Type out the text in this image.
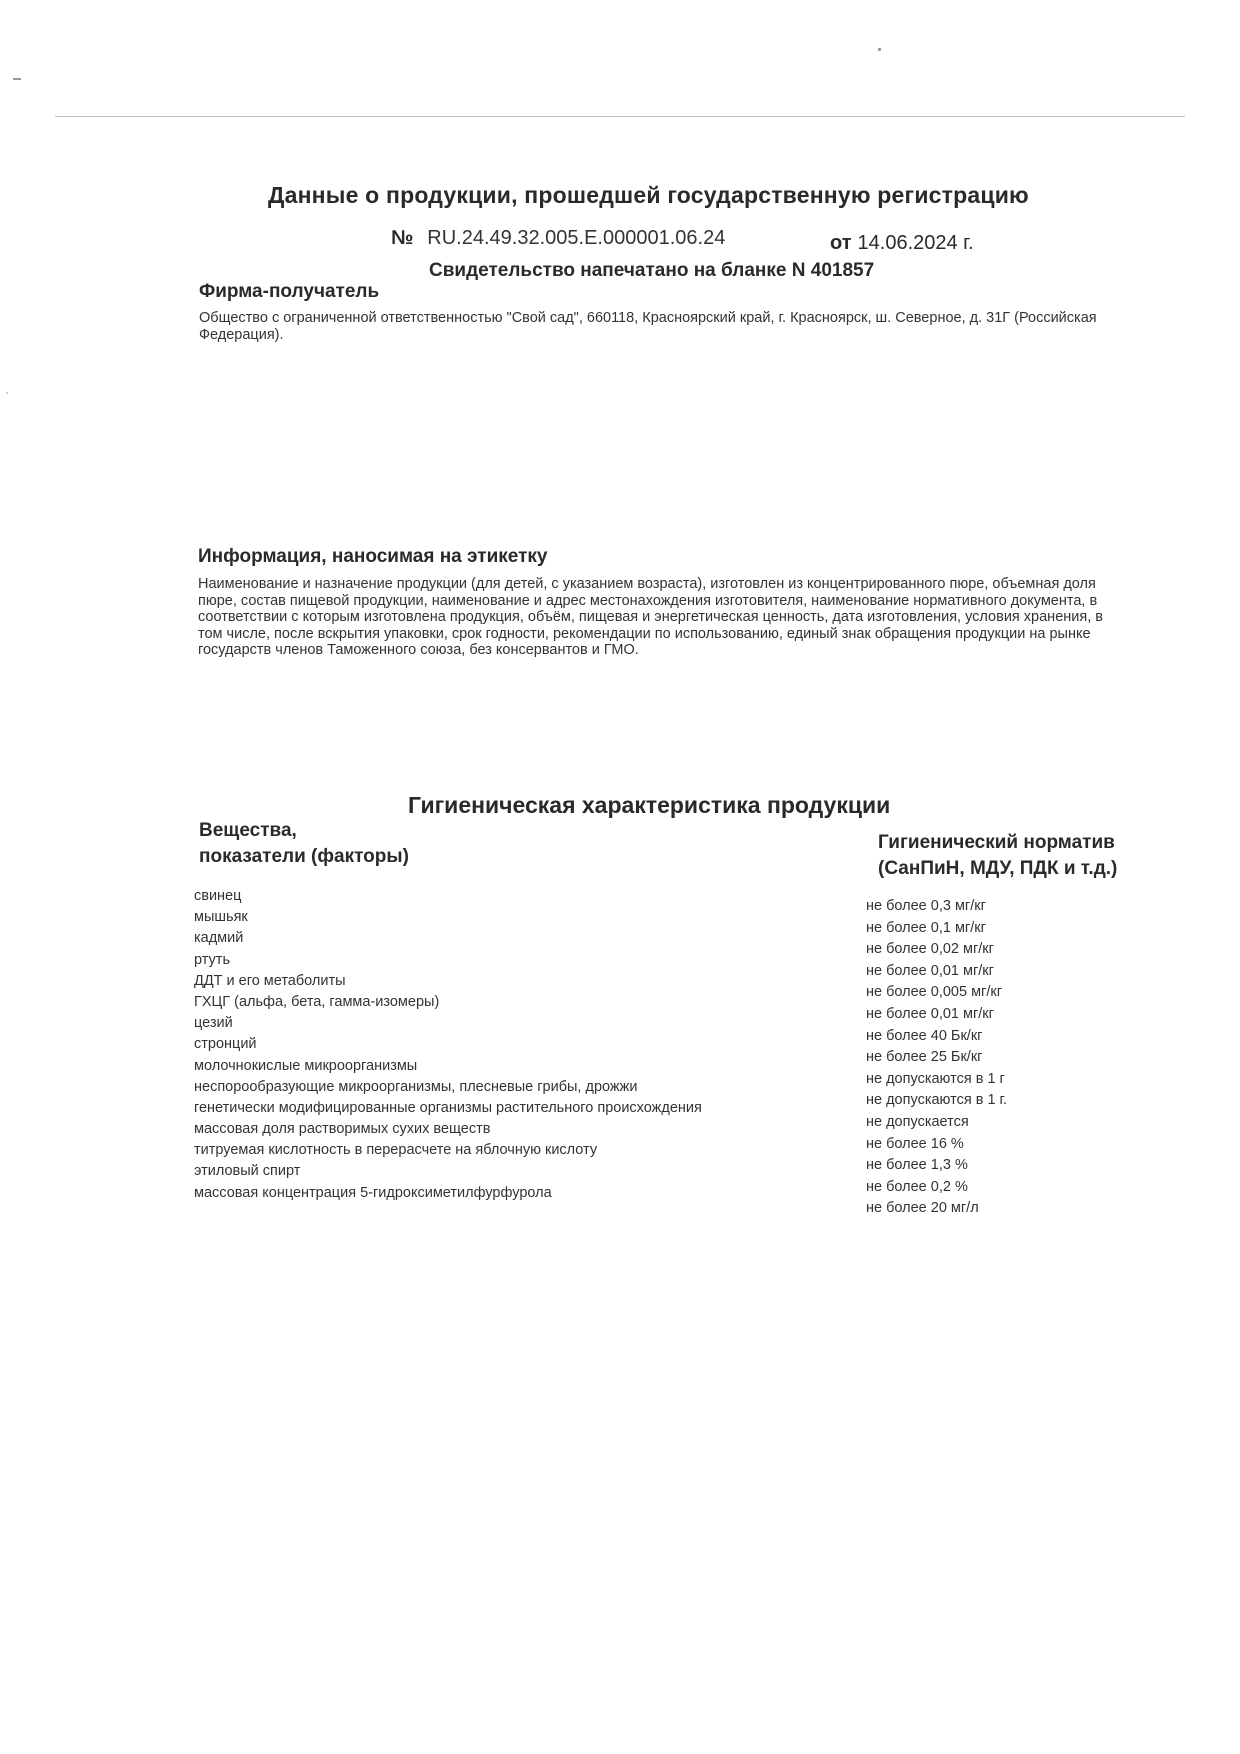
Данные о продукции, прошедшей государственную регистрацию
№ RU.24.49.32.005.E.000001.06.24	от 14.06.2024 г.
Свидетельство напечатано на бланке N 401857
Фирма-получатель
Общество с ограниченной ответственностью "Свой сад", 660118, Красноярский край, г. Красноярск, ш. Северное, д. 31Г (Российская Федерация).
Информация, наносимая на этикетку
Наименование и назначение продукции (для детей, с указанием возраста), изготовлен из концентрированного пюре, объемная доля пюре, состав пищевой продукции, наименование и адрес местонахождения изготовителя, наименование нормативного документа, в соответствии с которым изготовлена продукция, объём, пищевая и энергетическая ценность, дата изготовления, условия хранения, в том числе, после вскрытия упаковки, срок годности, рекомендации по использованию, единый знак обращения продукции на рынке государств членов Таможенного союза, без консервантов и ГМО.
Гигиеническая характеристика продукции
Вещества,
показатели (факторы)
Гигиенический норматив
(СанПиН, МДУ, ПДК и т.д.)
свинец
мышьяк
кадмий
ртуть
ДДТ и его метаболиты
ГХЦГ (альфа, бета, гамма-изомеры)
цезий
стронций
молочнокислые микроорганизмы
неспорообразующие микроорганизмы, плесневые грибы, дрожжи
генетически модифицированные организмы растительного происхождения
массовая доля растворимых сухих веществ
титруемая кислотность в перерасчете на яблочную кислоту
этиловый спирт
массовая концентрация 5-гидроксиметилфурфурола
не более 0,3 мг/кг
не более 0,1 мг/кг
не более 0,02 мг/кг
не более 0,01 мг/кг
не более 0,005 мг/кг
не более 0,01 мг/кг
не более 40 Бк/кг
не более 25 Бк/кг
не допускаются в 1 г
не допускаются в 1 г.
не допускается
не более 16 %
не более 1,3 %
не более 0,2 %
не более 20 мг/л
